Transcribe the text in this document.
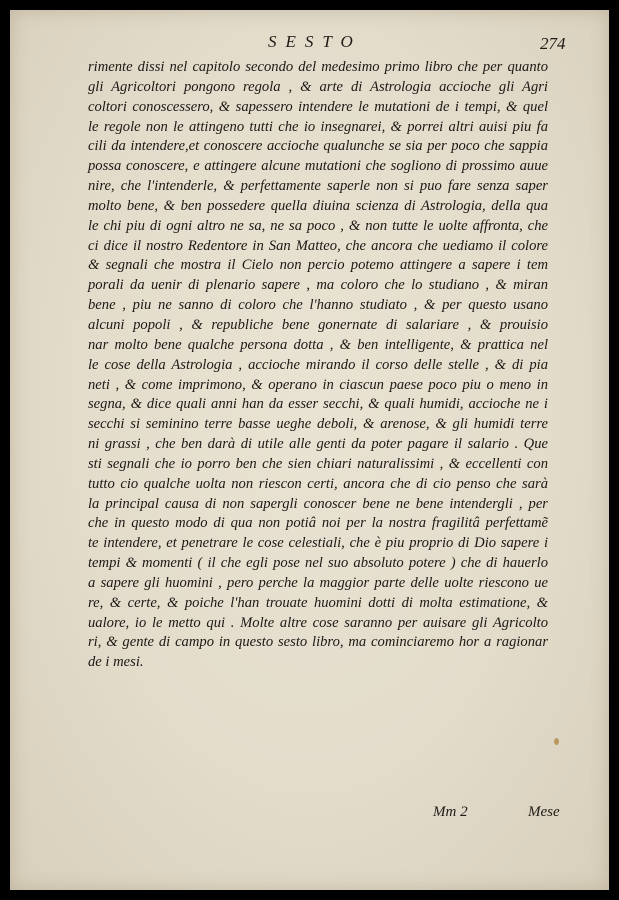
SESTO	274
rimente dissi nel capitolo secondo del medesimo primo libro che per quanto
gli Agricoltori pongono regola , & arte di Astrologia accioche gli Agri
coltori conoscessero, & sapessero intendere le mutationi de i tempi, & quel
le regole non le attingeno tutti che io insegnarei, & porrei altri auisi piu fa
cili da intendere,et conoscere accioche qualunche se sia per poco che sappia
possa conoscere, e attingere alcune mutationi che sogliono di prossimo auue
nire, che l'intenderle, & perfettamente saperle non si puo fare senza saper
molto bene, & ben possedere quella diuina scienza di Astrologia, della qua
le chi piu di ogni altro ne sa, ne sa poco , & non tutte le uolte affronta, che
ci dice il nostro Redentore in San Matteo, che ancora che uediamo il colore
& segnali che mostra il Cielo non percio potemo attingere a sapere i tem
porali da uenir di plenario sapere , ma coloro che lo studiano , & miran
bene , piu ne sanno di coloro che l'hanno studiato , & per questo usano
alcuni popoli , & republiche bene gonernate di salariare , & prouisio
nar molto bene qualche persona dotta , & ben intelligente, & prattica nel
le cose della Astrologia , accioche mirando il corso delle stelle , & di pia
neti , & come imprimono, & operano in ciascun paese poco piu o meno in
segna, & dice quali anni han da esser secchi, & quali humidi, accioche ne i
secchi si seminino terre basse ueghe deboli, & arenose, & gli humidi terre
ni grassi , che ben darà di utile alle genti da poter pagare il salario . Que
sti segnali che io porro ben che sien chiari naturalissimi , & eccellenti con
tutto cio qualche uolta non riescon certi, ancora che di cio penso che sarà
la principal causa di non sapergli conoscer bene ne bene intendergli , per
che in questo modo di qua non potiâ noi per la nostra fragilitâ perfettamẽ
te intendere, et penetrare le cose celestiali, che è piu proprio di Dio sapere i
tempi & momenti ( il che egli pose nel suo absoluto potere ) che di hauerlo
a sapere gli huomini , pero perche la maggior parte delle uolte riescono ue
re, & certe, & poiche l'han trouate huomini dotti di molta estimatione, &
ualore, io le metto qui . Molte altre cose saranno per auisare gli Agricolto
ri, & gente di campo in questo sesto libro, ma cominciaremo hor a ragionar
de i mesi.
Mm 2	Mese
